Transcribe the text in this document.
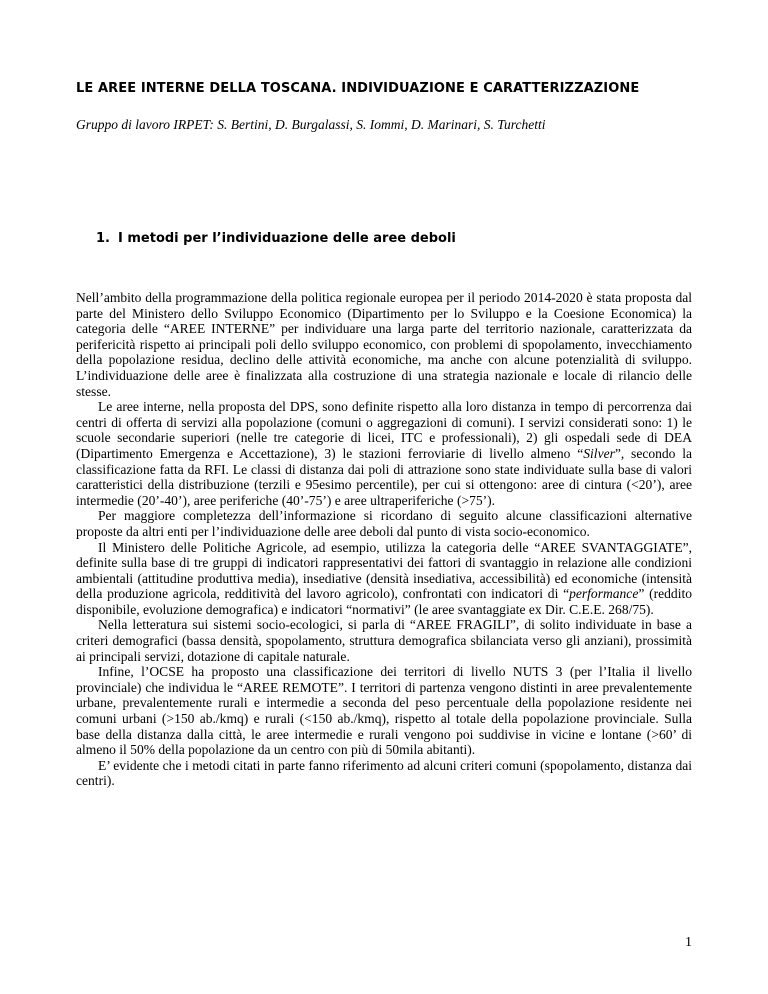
LE AREE INTERNE DELLA TOSCANA. INDIVIDUAZIONE E CARATTERIZZAZIONE
Gruppo di lavoro IRPET: S. Bertini, D. Burgalassi, S. Iommi, D. Marinari, S. Turchetti
1. I metodi per l’individuazione delle aree deboli

Nell’ambito della programmazione della politica regionale europea per il periodo 2014-2020 è stata proposta dal parte del Ministero dello Sviluppo Economico (Dipartimento per lo Sviluppo e la Coesione Economica) la categoria delle “AREE INTERNE” per individuare una larga parte del territorio nazionale, caratterizzata da perifericità rispetto ai principali poli dello sviluppo economico, con problemi di spopolamento, invecchiamento della popolazione residua, declino delle attività economiche, ma anche con alcune potenzialità di sviluppo. L’individuazione delle aree è finalizzata alla costruzione di una strategia nazionale e locale di rilancio delle stesse.

Le aree interne, nella proposta del DPS, sono definite rispetto alla loro distanza in tempo di percorrenza dai centri di offerta di servizi alla popolazione (comuni o aggregazioni di comuni). I servizi considerati sono: 1) le scuole secondarie superiori (nelle tre categorie di licei, ITC e professionali), 2) gli ospedali sede di DEA (Dipartimento Emergenza e Accettazione), 3) le stazioni ferroviarie di livello almeno “Silver”, secondo la classificazione fatta da RFI. Le classi di distanza dai poli di attrazione sono state individuate sulla base di valori caratteristici della distribuzione (terzili e 95esimo percentile), per cui si ottengono: aree di cintura (<20’), aree intermedie (20’-40’), aree periferiche (40’-75’) e aree ultraperiferiche (>75’).

Per maggiore completezza dell’informazione si ricordano di seguito alcune classificazioni alternative proposte da altri enti per l’individuazione delle aree deboli dal punto di vista socio-economico.

Il Ministero delle Politiche Agricole, ad esempio, utilizza la categoria delle “AREE SVANTAGGIATE”, definite sulla base di tre gruppi di indicatori rappresentativi dei fattori di svantaggio in relazione alle condizioni ambientali (attitudine produttiva media), insediative (densità insediativa, accessibilità) ed economiche (intensità della produzione agricola, redditività del lavoro agricolo), confrontati con indicatori di “performance” (reddito disponibile, evoluzione demografica) e indicatori “normativi” (le aree svantaggiate ex Dir. C.E.E. 268/75).

Nella letteratura sui sistemi socio-ecologici, si parla di “AREE FRAGILI”, di solito individuate in base a criteri demografici (bassa densità, spopolamento, struttura demografica sbilanciata verso gli anziani), prossimità ai principali servizi, dotazione di capitale naturale.

Infine, l’OCSE ha proposto una classificazione dei territori di livello NUTS 3 (per l’Italia il livello provinciale) che individua le “AREE REMOTE”. I territori di partenza vengono distinti in aree prevalentemente urbane, prevalentemente rurali e intermedie a seconda del peso percentuale della popolazione residente nei comuni urbani (>150 ab./kmq) e rurali (<150 ab./kmq), rispetto al totale della popolazione provinciale. Sulla base della distanza dalla città, le aree intermedie e rurali vengono poi suddivise in vicine e lontane (>60’ di almeno il 50% della popolazione da un centro con più di 50mila abitanti).

E’ evidente che i metodi citati in parte fanno riferimento ad alcuni criteri comuni (spopolamento, distanza dai centri).

1
